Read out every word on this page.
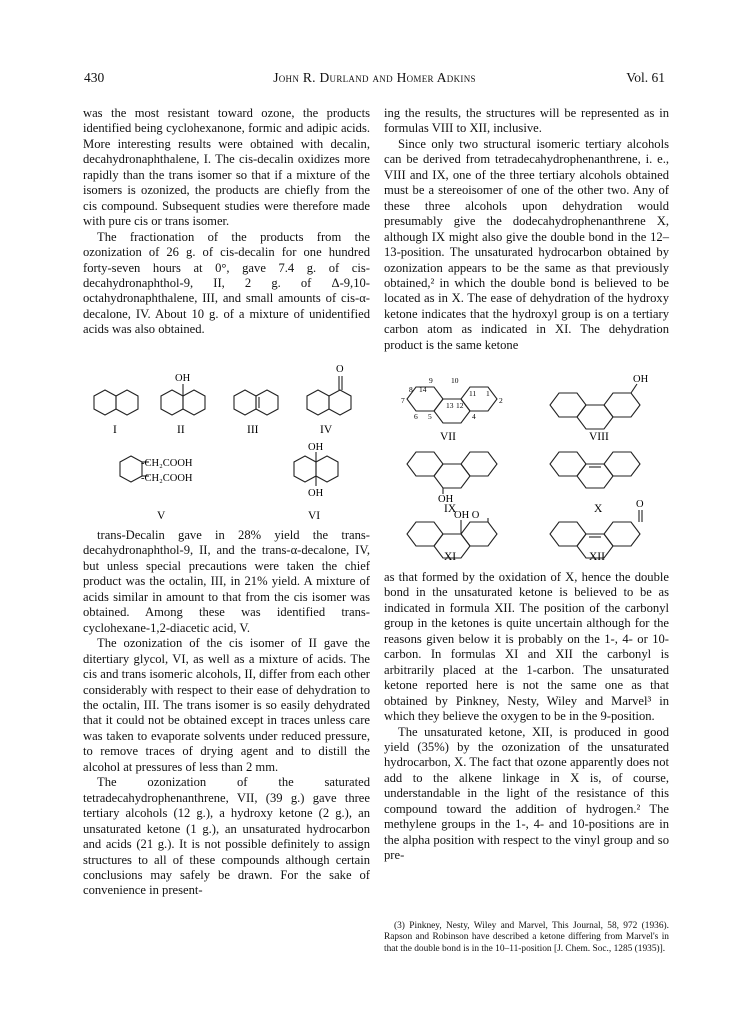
430	John R. Durland and Homer Adkins	Vol. 61

was the most resistant toward ozone, the products identified being cyclohexanone, formic and adipic acids. More interesting results were obtained with decalin, decahydronaphthalene, I. The cis-decalin oxidizes more rapidly than the trans isomer so that if a mixture of the isomers is ozonized, the products are chiefly from the cis compound. Subsequent studies were therefore made with pure cis or trans isomer.

The fractionation of the products from the ozonization of 26 g. of cis-decalin for one hundred forty-seven hours at 0°, gave 7.4 g. of cis-decahydronaphthol-9, II, 2 g. of Δ-9,10-octahydronaphthalene, III, and small amounts of cis-α-decalone, IV. About 10 g. of a mixture of unidentified acids was also obtained.

ing the results, the structures will be represented as in formulas VIII to XII, inclusive.

Since only two structural isomeric tertiary alcohols can be derived from tetradecahydrophenanthrene, i. e., VIII and IX, one of the three tertiary alcohols obtained must be a stereoisomer of one of the other two. Any of these three alcohols upon dehydration would presumably give the dodecahydrophenanthrene X, although IX might also give the double bond in the 12–13-position. The unsaturated hydrocarbon obtained by ozonization appears to be the same as that previously obtained,² in which the double bond is believed to be located as in X. The ease of dehydration of the hydroxy ketone indicates that the hydroxyl group is on a tertiary carbon atom as indicated in XI. The dehydration product is the same ketone

I
OH
II	III
O
IV
-CH₂COOH
-CH₂COOH
V
OH
OH
VI
9 10
8 14	11 1
7
13 12
2
6 5	4
VII
OH
VIII
OH
IX	X
OH O
XI
O
XII

trans-Decalin gave in 28% yield the trans-decahydronaphthol-9, II, and the trans-α-decalone, IV, but unless special precautions were taken the chief product was the octalin, III, in 21% yield. A mixture of acids similar in amount to that from the cis isomer was obtained. Among these was identified trans-cyclohexane-1,2-diacetic acid, V.

The ozonization of the cis isomer of II gave the ditertiary glycol, VI, as well as a mixture of acids. The cis and trans isomeric alcohols, II, differ from each other considerably with respect to their ease of dehydration to the octalin, III. The trans isomer is so easily dehydrated that it could not be obtained except in traces unless care was taken to evaporate solvents under reduced pressure, to remove traces of drying agent and to distill the alcohol at pressures of less than 2 mm.

The ozonization of the saturated tetradecahydrophenanthrene, VII, (39 g.) gave three tertiary alcohols (12 g.), a hydroxy ketone (2 g.), an unsaturated ketone (1 g.), an unsaturated hydrocarbon and acids (21 g.). It is not possible definitely to assign structures to all of these compounds although certain conclusions may safely be drawn. For the sake of convenience in present-

as that formed by the oxidation of X, hence the double bond in the unsaturated ketone is believed to be as indicated in formula XII. The position of the carbonyl group in the ketones is quite uncertain although for the reasons given below it is probably on the 1-, 4- or 10-carbon. In formulas XI and XII the carbonyl is arbitrarily placed at the 1-carbon. The unsaturated ketone reported here is not the same one as that obtained by Pinkney, Nesty, Wiley and Marvel³ in which they believe the oxygen to be in the 9-position.

The unsaturated ketone, XII, is produced in good yield (35%) by the ozonization of the unsaturated hydrocarbon, X. The fact that ozone apparently does not add to the alkene linkage in X is, of course, understandable in the light of the resistance of this compound toward the addition of hydrogen.² The methylene groups in the 1-, 4- and 10-positions are in the alpha position with respect to the vinyl group and so pre-

(3) Pinkney, Nesty, Wiley and Marvel, This Journal, 58, 972 (1936). Rapson and Robinson have described a ketone differing from Marvel's in that the double bond is in the 10–11-position [J. Chem. Soc., 1285 (1935)].
